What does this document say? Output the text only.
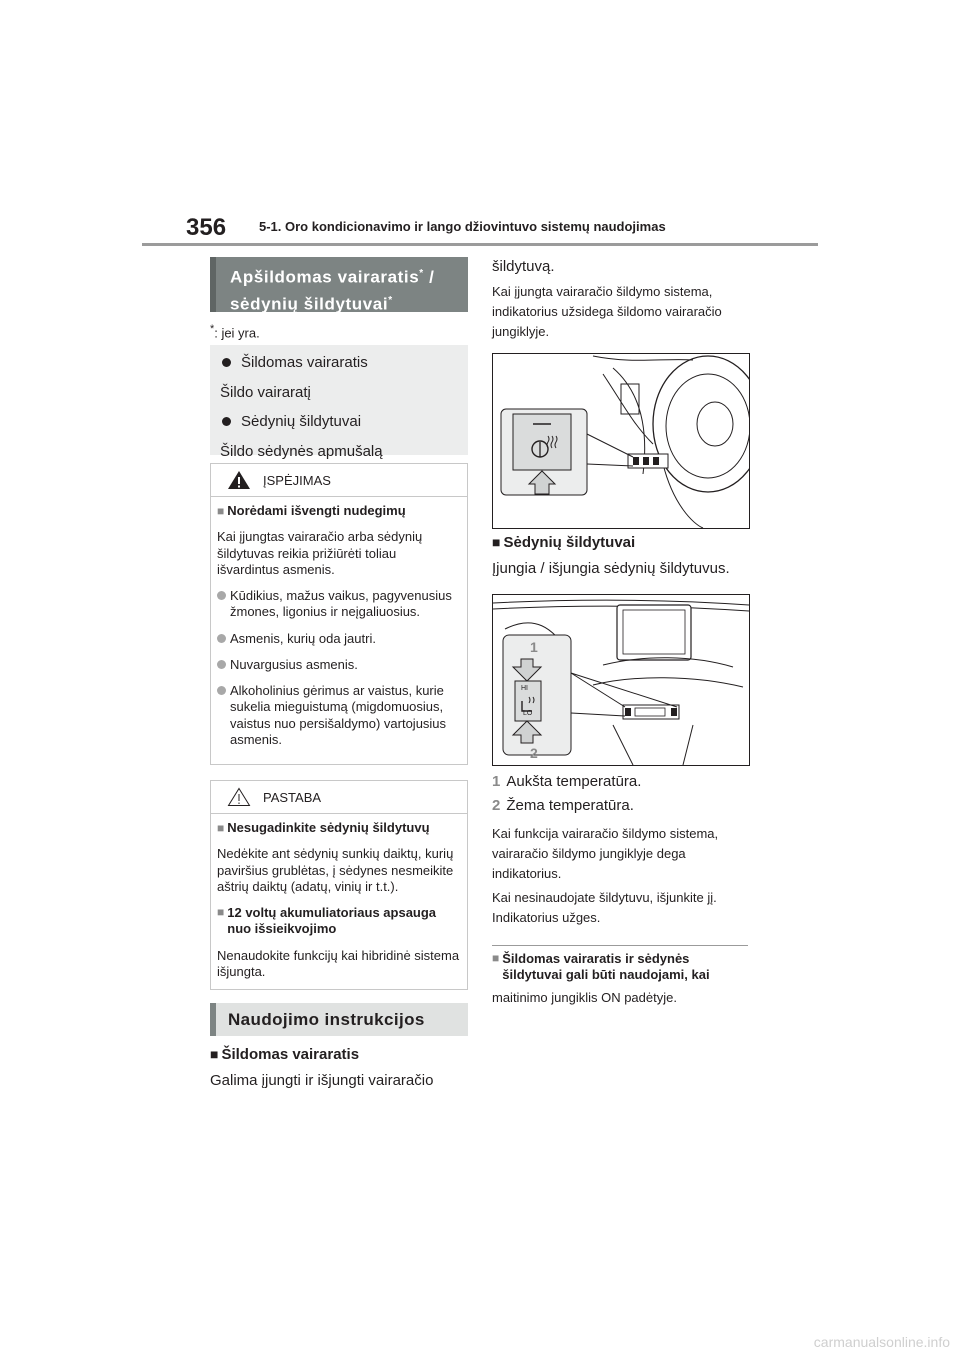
356	5-1. Oro kondicionavimo ir lango džiovintuvo sistemų naudojimas
Apšildomas vairaratis* /
sėdynių šildytuvai*
*: jei yra.

Šildomas vairaratis

Šildo vairaratį

Sėdynių šildytuvai

Šildo sėdynės apmušalą

ĮSPĖJIMAS

■ Norėdami išvengti nudegimų

Kai įjungtas vairaračio arba sėdynių šildytuvas reikia prižiūrėti toliau išvardintus asmenis.

Kūdikius, mažus vaikus, pagyvenusius žmones, ligonius ir neįgaliuosius.
Asmenis, kurių oda jautri.
Nuvargusius asmenis.
Alkoholinius gėrimus ar vaistus, kurie sukelia mieguistumą (migdomuosius, vaistus nuo persišaldymo) vartojusius asmenis.
PASTABA

■ Nesugadinkite sėdynių šildytuvų

Nedėkite ant sėdynių sunkių daiktų, kurių paviršius grublėtas, į sėdynes nesmeikite aštrių daiktų (adatų, vinių ir t.t.).

■ 12 voltų akumuliatoriaus apsauga nuo išsieikvojimo

Nenaudokite funkcijų kai hibridinė sistema išjungta.

Naudojimo instrukcijos
■ Šildomas vairaratis
Galima įjungti ir išjungti vairaračio
šildytuvą.
Kai įjungta vairaračio šildymo sistema, indikatorius užsidega šildomo vairaračio jungiklyje.
■ Sėdynių šildytuvai
Įjungia / išjungia sėdynių šildytuvus.
1
2
HI
LO
1 Aukšta temperatūra.
2 Žema temperatūra.
Kai funkcija vairaračio šildymo sistema, vairaračio šildymo jungiklyje dega indikatorius.
Kai nesinaudojate šildytuvu, išjunkite jį. Indikatorius užges.
■ Šildomas vairaratis ir sėdynės šildytuvai gali būti naudojami, kai
maitinimo jungiklis ON padėtyje.
carmanualsonline.info
